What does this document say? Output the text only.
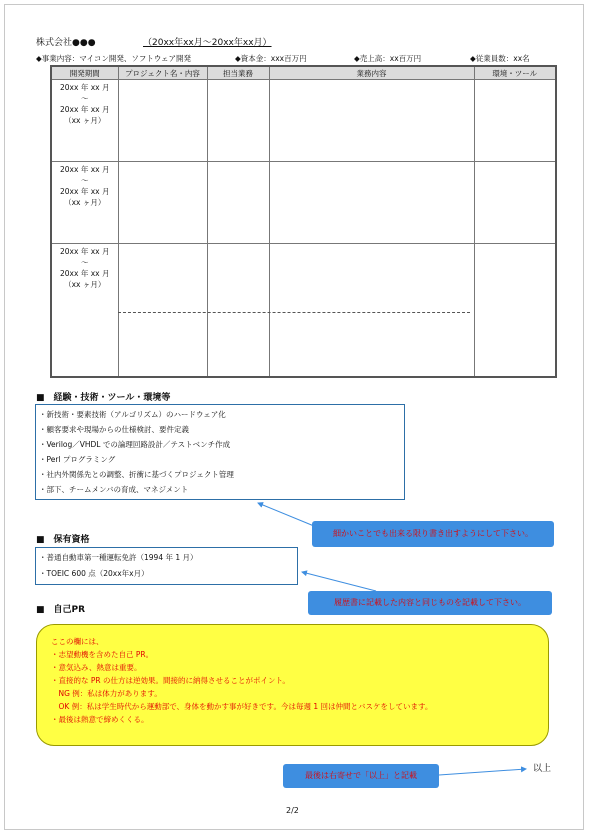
株式会社●●●	（20xx年xx月～20xx年xx月）
◆事業内容：マイコン開発、ソフトウェア開発	◆資本金：xxx百万円	◆売上高：xx百万円	◆従業員数：xx名
開発期間	プロジェクト名・内容	担当業務	業務内容	環境・ツール

20xx 年 xx 月
～
20xx 年 xx 月
（xx ヶ月）				

20xx 年 xx 月
～
20xx 年 xx 月
（xx ヶ月）				

20xx 年 xx 月
～
20xx 年 xx 月
（xx ヶ月）				

■　経験・技術・ツール・環境等
・新技術・要素技術（アルゴリズム）のハードウェア化
・顧客要求や現場からの仕様検討、要件定義
・Verilog／VHDL での論理回路設計／テストベンチ作成
・Perl プログラミング
・社内外関係先との調整、折衝に基づくプロジェクト管理
・部下、チームメンバの育成、マネジメント
細かいことでも出来る限り書き出すようにして下さい。
■　保有資格
・普通自動車第一種運転免許（1994 年 1 月）
・TOEIC 600 点（20xx年x月）
履歴書に記載した内容と同じものを記載して下さい。
■　自己PR
ここの欄には、
・志望動機を含めた自己 PR。
・意気込み、熱意は重要。
・直接的な PR の仕方は逆効果。間接的に納得させることがポイント。
　NG 例：私は体力があります。
　OK 例：私は学生時代から運動部で、身体を動かす事が好きです。今は毎週 1 回は仲間とバスケをしています。
・最後は熱意で締めくくる。
最後は右寄せで「以上」と記載
以上
2/2
